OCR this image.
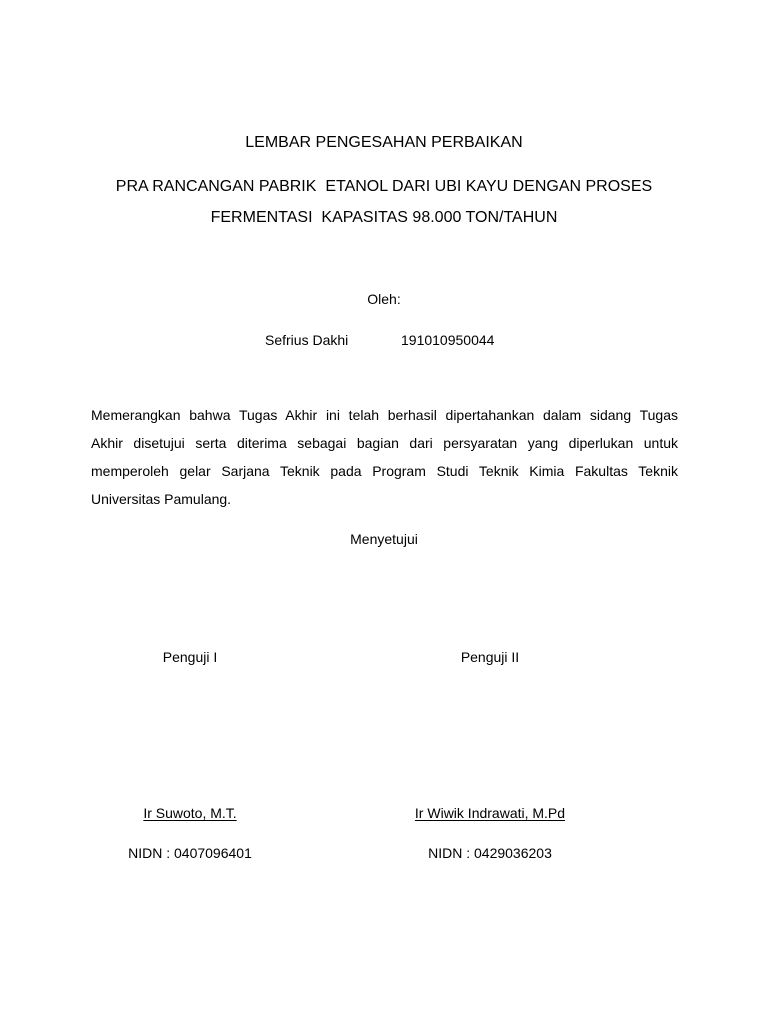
LEMBAR PENGESAHAN PERBAIKAN
PRA RANCANGAN PABRIK  ETANOL DARI UBI KAYU DENGAN PROSES
FERMENTASI  KAPASITAS 98.000 TON/TAHUN
Oleh:
Sefrius Dakhi	191010950044
Memerangkan bahwa Tugas Akhir ini telah berhasil dipertahankan dalam sidang Tugas
Akhir disetujui serta diterima sebagai bagian dari persyaratan yang diperlukan untuk
memperoleh gelar Sarjana Teknik pada Program Studi Teknik Kimia Fakultas Teknik
Universitas Pamulang.
Menyetujui
Penguji I	Penguji II
Ir Suwoto, M.T.	Ir Wiwik Indrawati, M.Pd
NIDN : 0407096401	NIDN : 0429036203
